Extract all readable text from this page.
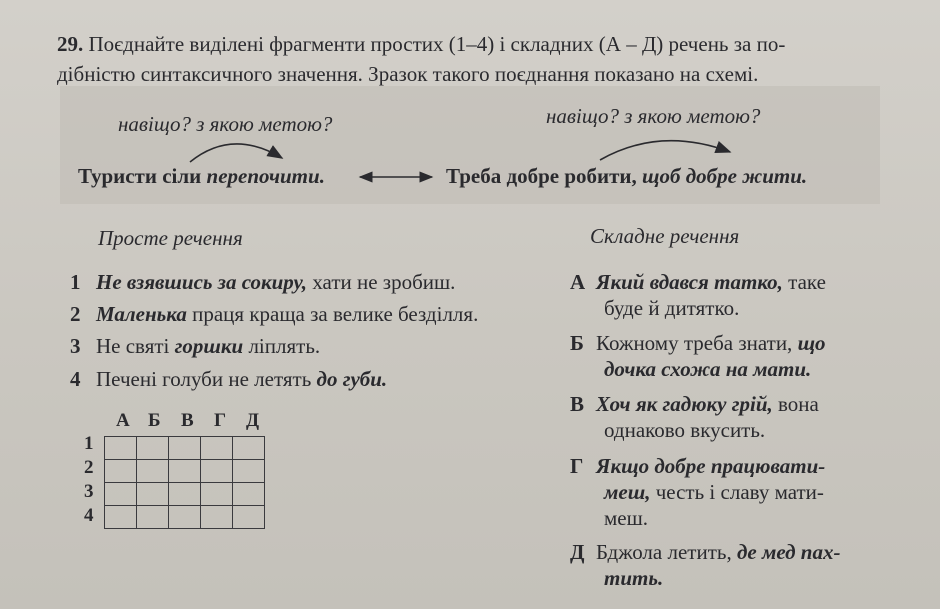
29. Поєднайте виділені фрагменти простих (1–4) і складних (А – Д) речень за по-
дібністю синтаксичного значення. Зразок такого поєднання показано на схемі.
навіщо? з якою метою?	навіщо? з якою метою?
Туристи сіли перепочити.	Треба добре робити, щоб добре жити.
Просте речення	Складне речення
1 Не взявшись за сокиру, хати не зробиш.
2 Маленька праця краща за велике безділля.
3 Не святі горшки ліплять.
4 Печені голуби не летять до губи.
А Який вдався татко, таке
буде й дитятко.
Б Кожному треба знати, що
дочка схожа на мати.
В Хоч як гадюку грій, вона
однаково вкусить.
Г Якщо добре працювати-
меш, честь і славу мати-
меш.
Д Бджола летить, де мед пах-
тить.
А Б В Г Д
1
2
3
4
